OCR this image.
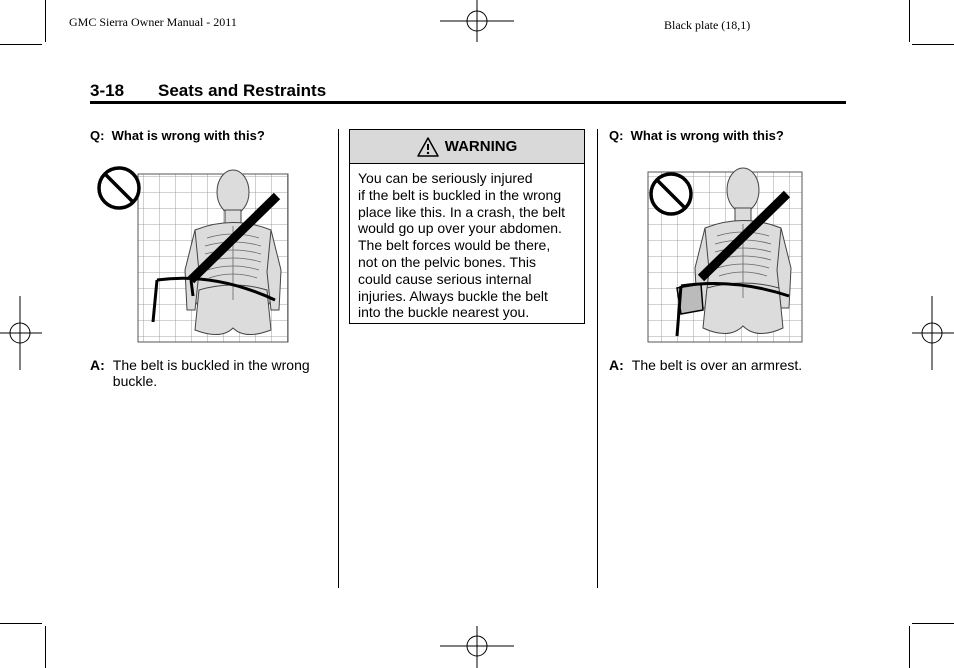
GMC Sierra Owner Manual - 2011	Black plate (18,1)
3-18 Seats and Restraints
Q:  What is wrong with this?
A: The belt is buckled in the wrong
buckle.
WARNING
You can be seriously injured
if the belt is buckled in the wrong
place like this. In a crash, the belt
would go up over your abdomen.
The belt forces would be there,
not on the pelvic bones. This
could cause serious internal
injuries. Always buckle the belt
into the buckle nearest you.
Q:  What is wrong with this?
A: The belt is over an armrest.
